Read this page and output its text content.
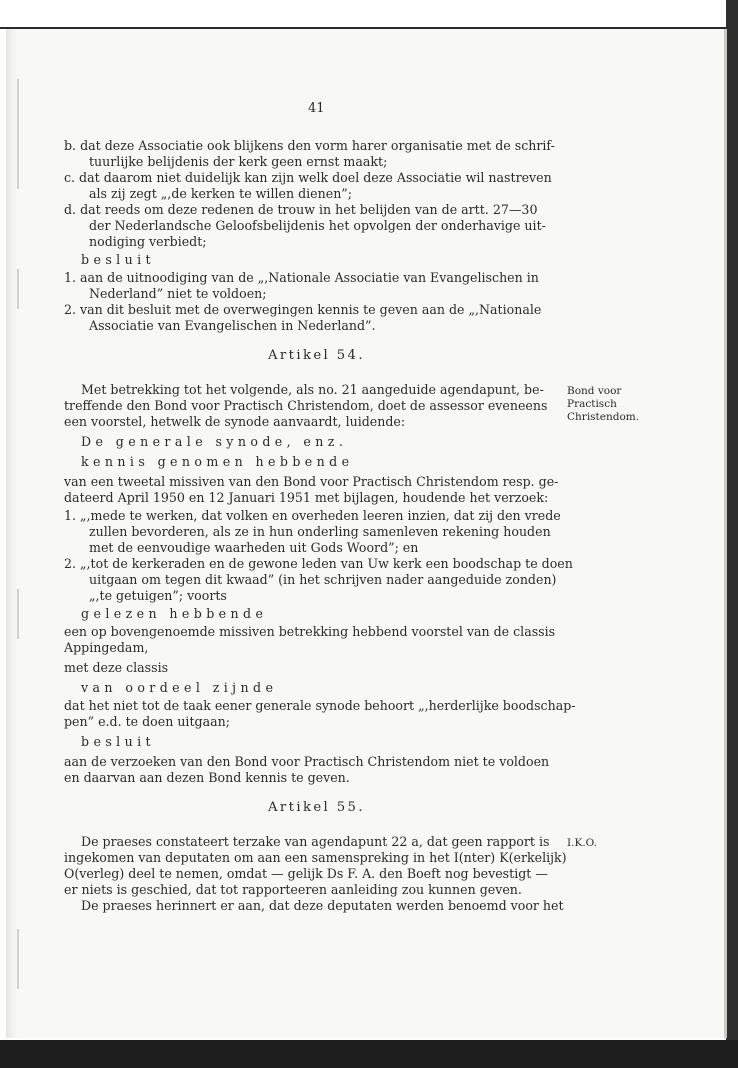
41
b. dat deze Associatie ook blijkens den vorm harer organisatie met de schrif-
tuurlijke belijdenis der kerk geen ernst maakt;
c. dat daarom niet duidelijk kan zijn welk doel deze Associatie wil nastreven
als zij zegt „,de kerken te willen dienen”;
d. dat reeds om deze redenen de trouw in het belijden van de artt. 27—30
der Nederlandsche Geloofsbelijdenis het opvolgen der onderhavige uit-
nodiging verbiedt;
besluit
1. aan de uitnoodiging van de „,Nationale Associatie van Evangelischen in
Nederland” niet te voldoen;
2. van dit besluit met de overwegingen kennis te geven aan de „,Nationale
Associatie van Evangelischen in Nederland”.
Artikel 54.
Met betrekking tot het volgende, als no. 21 aangeduide agendapunt, be-
treffende den Bond voor Practisch Christendom, doet de assessor eveneens
een voorstel, hetwelk de synode aanvaardt, luidende:
De generale synode, enz.
kennis genomen hebbende
van een tweetal missiven van den Bond voor Practisch Christendom resp. ge-
dateerd April 1950 en 12 Januari 1951 met bijlagen, houdende het verzoek:
1. „,mede te werken, dat volken en overheden leeren inzien, dat zij den vrede
zullen bevorderen, als ze in hun onderling samenleven rekening houden
met de eenvoudige waarheden uit Gods Woord”; en
2. „,tot de kerkeraden en de gewone leden van Uw kerk een boodschap te doen
uitgaan om tegen dit kwaad” (in het schrijven nader aangeduide zonden)
„,te getuigen”; voorts
gelezen hebbende
een op bovengenoemde missiven betrekking hebbend voorstel van de classis
Appingedam,
met deze classis
van oordeel zijnde
dat het niet tot de taak eener generale synode behoort „,herderlijke boodschap-
pen” e.d. te doen uitgaan;
besluit
aan de verzoeken van den Bond voor Practisch Christendom niet te voldoen
en daarvan aan dezen Bond kennis te geven.
Artikel 55.
De praeses constateert terzake van agendapunt 22 a, dat geen rapport is
ingekomen van deputaten om aan een samenspreking in het I(nter) K(erkelijk)
O(verleg) deel te nemen, omdat — gelijk Ds F. A. den Boeft nog bevestigt —
er niets is geschied, dat tot rapporteeren aanleiding zou kunnen geven.
De praeses herinnert er aan, dat deze deputaten werden benoemd voor het
Bond voor
Practisch
Christendom.
I.K.O.
